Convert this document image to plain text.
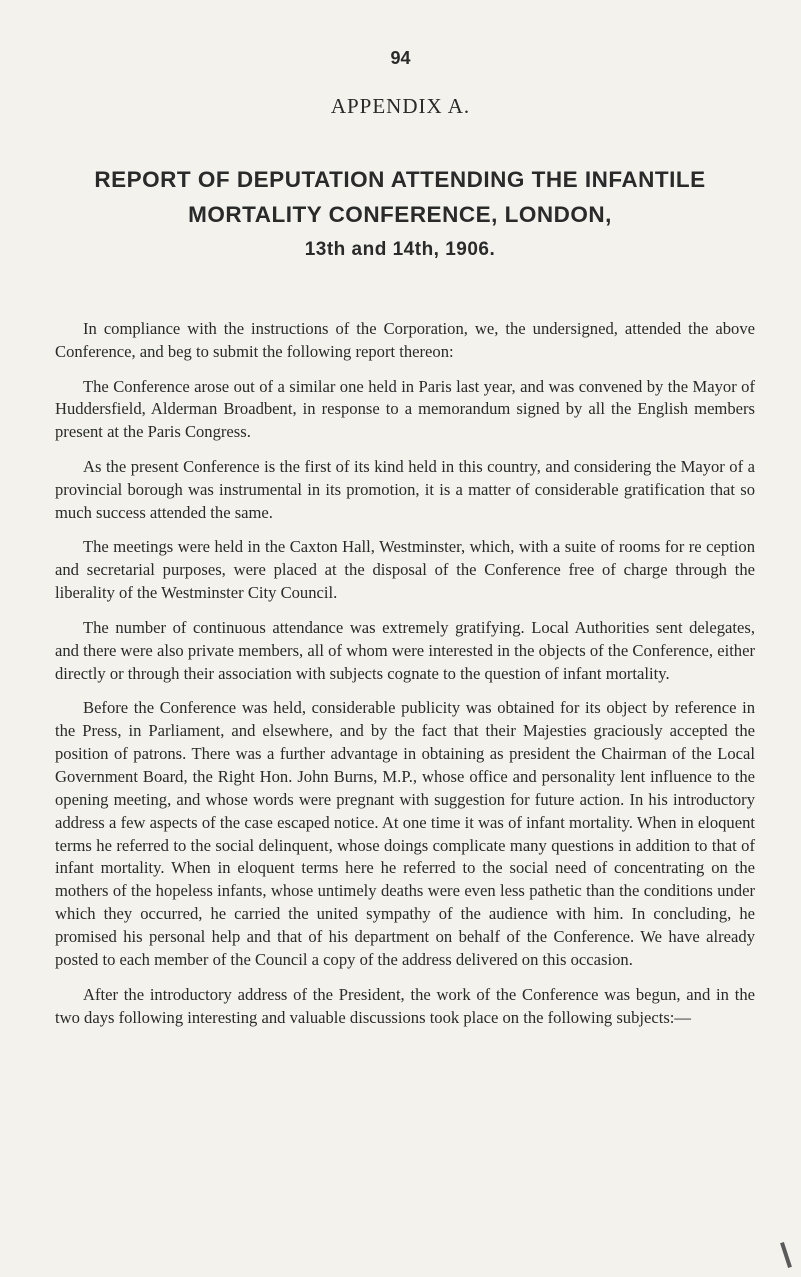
94
APPENDIX A.
REPORT OF DEPUTATION ATTENDING THE INFANTILE
MORTALITY CONFERENCE, LONDON,
13th and 14th, 1906.

In compliance with the instructions of the Corporation, we, the undersigned, attended the above Conference, and beg to submit the following report thereon:

The Conference arose out of a similar one held in Paris last year, and was convened by the Mayor of Huddersfield, Alderman Broadbent, in response to a memorandum signed by all the English members present at the Paris Congress.

As the present Conference is the first of its kind held in this country, and considering the Mayor of a provincial borough was instrumental in its promotion, it is a matter of considerable gratification that so much success attended the same.

The meetings were held in the Caxton Hall, Westminster, which, with a suite of rooms for re ception and secretarial purposes, were placed at the disposal of the Conference free of charge through the liberality of the Westminster City Council.

The number of continuous attendance was extremely gratifying. Local Authorities sent delegates, and there were also private members, all of whom were interested in the objects of the Conference, either directly or through their association with subjects cognate to the question of infant mortality.

Before the Conference was held, considerable publicity was obtained for its object by reference in the Press, in Parliament, and elsewhere, and by the fact that their Majesties graciously accepted the position of patrons. There was a further advantage in obtaining as president the Chairman of the Local Government Board, the Right Hon. John Burns, M.P., whose office and personality lent influence to the opening meeting, and whose words were pregnant with suggestion for future action. In his introductory address a few aspects of the case escaped notice. At one time it was of infant mortality. When in eloquent terms he referred to the social delinquent, whose doings complicate many questions in addition to that of infant mortality. When in eloquent terms here he referred to the social need of concentrating on the mothers of the hopeless infants, whose untimely deaths were even less pathetic than the conditions under which they occurred, he carried the united sympathy of the audience with him. In concluding, he promised his personal help and that of his department on behalf of the Conference. We have already posted to each member of the Council a copy of the address delivered on this occasion.

After the introductory address of the President, the work of the Conference was begun, and in the two days following interesting and valuable discussions took place on the following subjects:—
